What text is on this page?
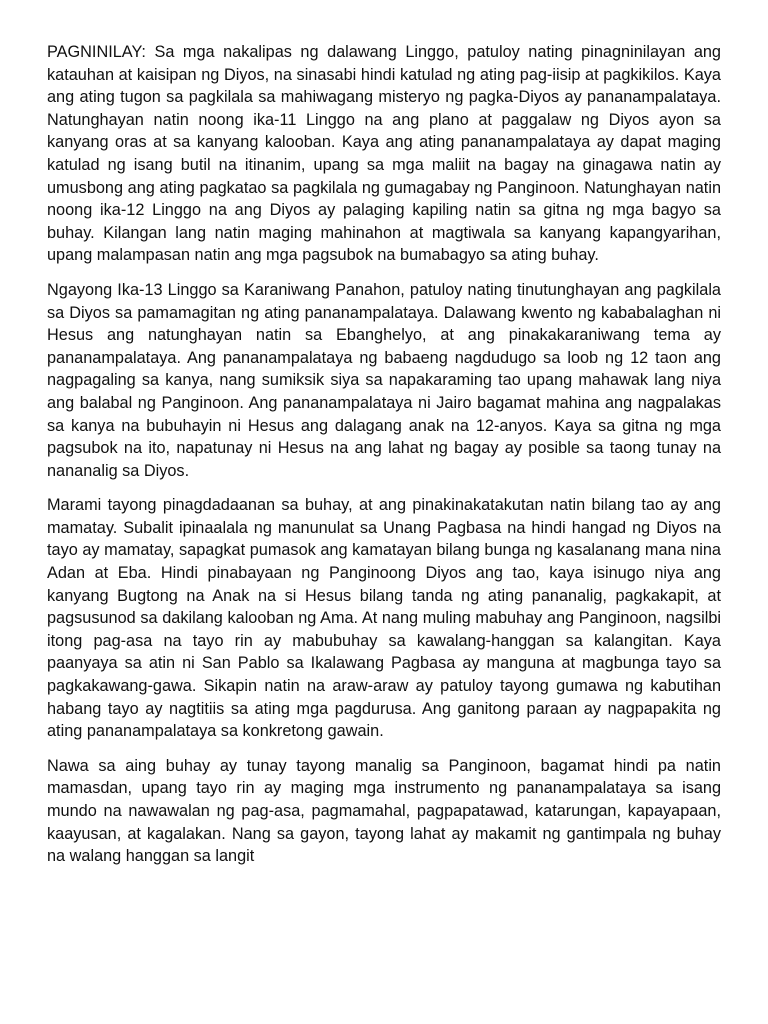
PAGNINILAY: Sa mga nakalipas ng dalawang Linggo, patuloy nating pinagninilayan ang katauhan at kaisipan ng Diyos, na sinasabi hindi katulad ng ating pag-iisip at pagkikilos. Kaya ang ating tugon sa pagkilala sa mahiwagang misteryo ng pagka-Diyos ay pananampalataya. Natunghayan natin noong ika-11 Linggo na ang plano at paggalaw ng Diyos ayon sa kanyang oras at sa kanyang kalooban. Kaya ang ating pananampalataya ay dapat maging katulad ng isang butil na itinanim, upang sa mga maliit na bagay na ginagawa natin ay umusbong ang ating pagkatao sa pagkilala ng gumagabay ng Panginoon. Natunghayan natin noong ika-12 Linggo na ang Diyos ay palaging kapiling natin sa gitna ng mga bagyo sa buhay. Kilangan lang natin maging mahinahon at magtiwala sa kanyang kapangyarihan, upang malampasan natin ang mga pagsubok na bumabagyo sa ating buhay.

Ngayong Ika-13 Linggo sa Karaniwang Panahon, patuloy nating tinutunghayan ang pagkilala sa Diyos sa pamamagitan ng ating pananampalataya. Dalawang kwento ng kababalaghan ni Hesus ang natunghayan natin sa Ebanghelyo, at ang pinakakaraniwang tema ay pananampalataya. Ang pananampalataya ng babaeng nagdudugo sa loob ng 12 taon ang nagpagaling sa kanya, nang sumiksik siya sa napakaraming tao upang mahawak lang niya ang balabal ng Panginoon. Ang pananampalataya ni Jairo bagamat mahina ang nagpalakas sa kanya na bubuhayin ni Hesus ang dalagang anak na 12-anyos. Kaya sa gitna ng mga pagsubok na ito, napatunay ni Hesus na ang lahat ng bagay ay posible sa taong tunay na nananalig sa Diyos.

Marami tayong pinagdadaanan sa buhay, at ang pinakinakatakutan natin bilang tao ay ang mamatay. Subalit ipinaalala ng manunulat sa Unang Pagbasa na hindi hangad ng Diyos na tayo ay mamatay, sapagkat pumasok ang kamatayan bilang bunga ng kasalanang mana nina Adan at Eba. Hindi pinabayaan ng Panginoong Diyos ang tao, kaya isinugo niya ang kanyang Bugtong na Anak na si Hesus bilang tanda ng ating pananalig, pagkakapit, at pagsusunod sa dakilang kalooban ng Ama. At nang muling mabuhay ang Panginoon, nagsilbi itong pag-asa na tayo rin ay mabubuhay sa kawalang-hanggan sa kalangitan. Kaya paanyaya sa atin ni San Pablo sa Ikalawang Pagbasa ay manguna at magbunga tayo sa pagkakawang-gawa. Sikapin natin na araw-araw ay patuloy tayong gumawa ng kabutihan habang tayo ay nagtitiis sa ating mga pagdurusa. Ang ganitong paraan ay nagpapakita ng ating pananampalataya sa konkretong gawain.

Nawa sa aing buhay ay tunay tayong manalig sa Panginoon, bagamat hindi pa natin mamasdan, upang tayo rin ay maging mga instrumento ng pananampalataya sa isang mundo na nawawalan ng pag-asa, pagmamahal, pagpapatawad, katarungan, kapayapaan, kaayusan, at kagalakan. Nang sa gayon, tayong lahat ay makamit ng gantimpala ng buhay na walang hanggan sa langit
